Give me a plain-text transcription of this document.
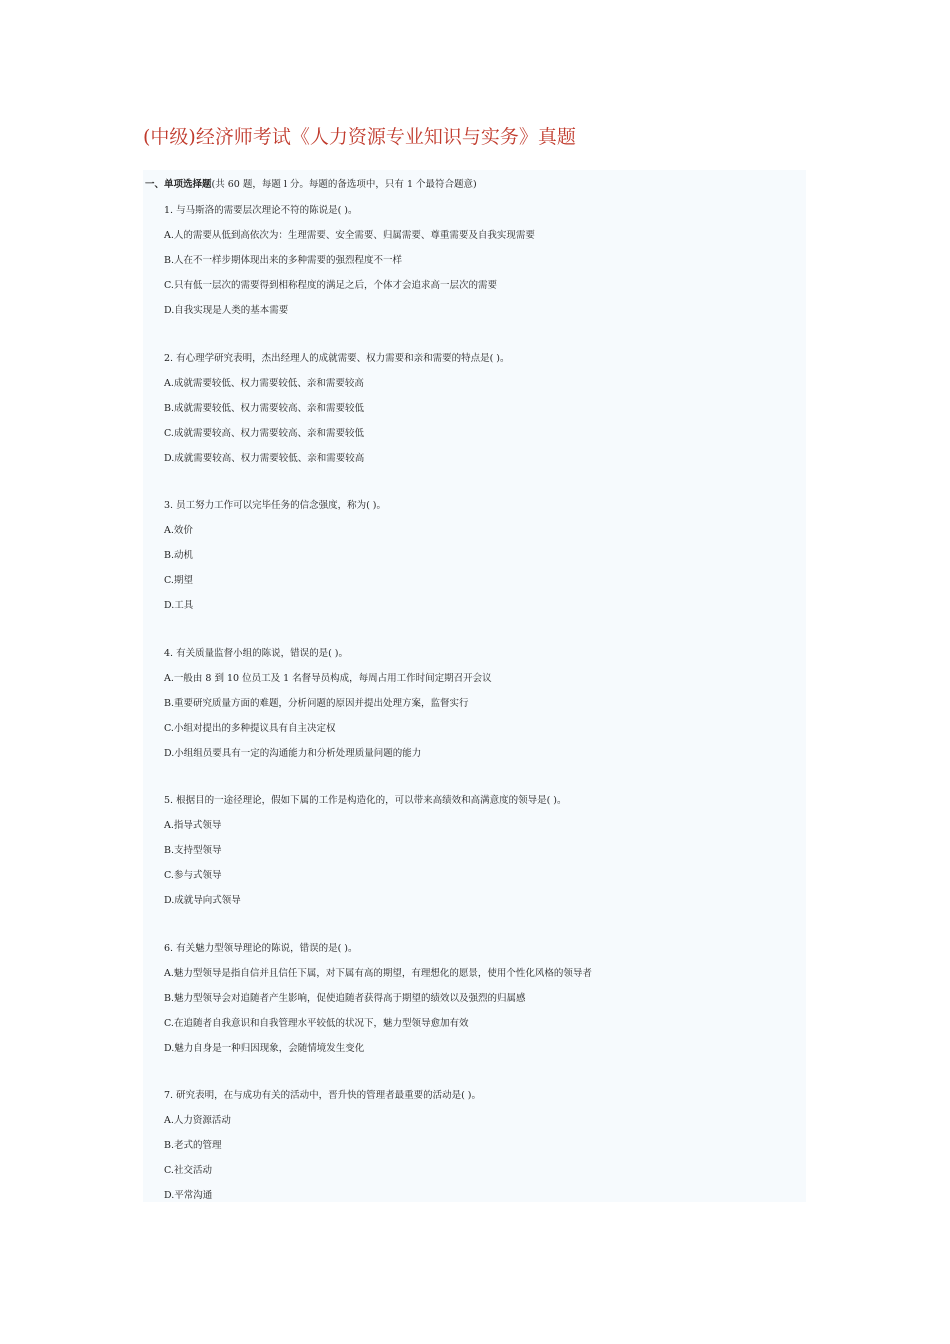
(中级)经济师考试《人力资源专业知识与实务》真题
一、单项选择题(共 60 题，每题 l 分。每题的备选项中，只有 1 个最符合题意)
1. 与马斯洛的需要层次理论不符的陈说是( )。
A.人的需要从低到高依次为：生理需要、安全需要、归属需要、尊重需要及自我实现需要
B.人在不一样步期体现出来的多种需要的强烈程度不一样
C.只有低一层次的需要得到相称程度的满足之后，个体才会追求高一层次的需要
D.自我实现是人类的基本需要
2. 有心理学研究表明，杰出经理人的成就需要、权力需要和亲和需要的特点是( )。
A.成就需要较低、权力需要较低、亲和需要较高
B.成就需要较低、权力需要较高、亲和需要较低
C.成就需要较高、权力需要较高、亲和需要较低
D.成就需要较高、权力需要较低、亲和需要较高
3. 员工努力工作可以完毕任务的信念强度，称为( )。
A.效价
B.动机
C.期望
D.工具
4. 有关质量监督小组的陈说，错误的是( )。
A.一般由 8 到 10 位员工及 1 名督导员构成，每周占用工作时间定期召开会议
B.重要研究质量方面的难题，分析问题的原因并提出处理方案，监督实行
C.小组对提出的多种提议具有自主决定权
D.小组组员要具有一定的沟通能力和分析处理质量问题的能力
5. 根据目的一途径理论，假如下属的工作是构造化的，可以带来高绩效和高满意度的领导是( )。
A.指导式领导
B.支持型领导
C.参与式领导
D.成就导向式领导
6. 有关魅力型领导理论的陈说，错误的是( )。
A.魅力型领导是指自信并且信任下属，对下属有高的期望，有理想化的愿景，使用个性化风格的领导者
B.魅力型领导会对追随者产生影响，促使追随者获得高于期望的绩效以及强烈的归属感
C.在追随者自我意识和自我管理水平较低的状况下，魅力型领导愈加有效
D.魅力自身是一种归因现象，会随情境发生变化
7. 研究表明，在与成功有关的活动中，晋升快的管理者最重要的活动是( )。
A.人力资源活动
B.老式的管理
C.社交活动
D.平常沟通
